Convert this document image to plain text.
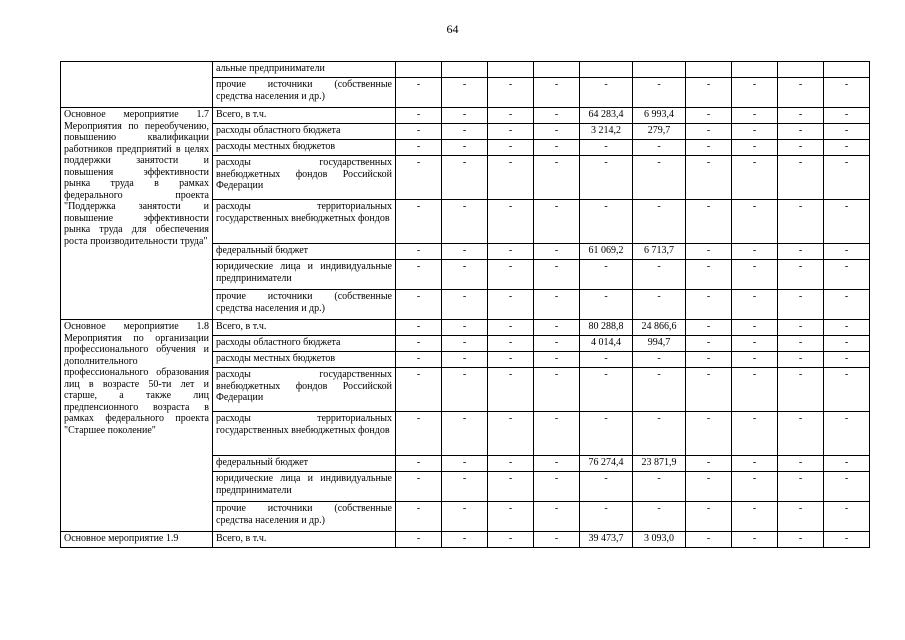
64
	альные предприниматели										
	прочие источники (собственные средства населения и др.)	-	-	-	-	-	-	-	-	-	-
Основное мероприятие 1.7 Мероприятия по переобучению, повышению квалификации работников предприятий в целях поддержки занятости и повышения эффективности рынка труда в рамках федерального проекта "Поддержка занятости и повышение эффективности рынка труда для обеспечения роста производительности труда"	Всего, в т.ч.	-	-	-	-	64 283,4	6 993,4	-	-	-	-
	расходы областного бюджета	-	-	-	-	3 214,2	279,7	-	-	-	-
	расходы местных бюджетов	-	-	-	-	-	-	-	-	-	-
	расходы государственных внебюджетных фондов Российской Федерации	-	-	-	-	-	-	-	-	-	-
	расходы территориальных государственных внебюджетных фондов	-	-	-	-	-	-	-	-	-	-
	федеральный бюджет	-	-	-	-	61 069,2	6 713,7	-	-	-	-
	юридические лица и индивидуальные предприниматели	-	-	-	-	-	-	-	-	-	-
	прочие источники (собственные средства населения и др.)	-	-	-	-	-	-	-	-	-	-
Основное мероприятие 1.8 Мероприятия по организации профессионального обучения и дополнительного профессионального образования лиц в возрасте 50-ти лет и старше, а также лиц предпенсионного возраста в рамках федерального проекта "Старшее поколение"	Всего, в т.ч.	-	-	-	-	80 288,8	24 866,6	-	-	-	-
	расходы областного бюджета	-	-	-	-	4 014,4	994,7	-	-	-	-
	расходы местных бюджетов	-	-	-	-	-	-	-	-	-	-
	расходы государственных внебюджетных фондов Российской Федерации	-	-	-	-	-	-	-	-	-	-
	расходы территориальных государственных внебюджетных фондов	-	-	-	-	-	-	-	-	-	-
	федеральный бюджет	-	-	-	-	76 274,4	23 871,9	-	-	-	-
	юридические лица и индивидуальные предприниматели	-	-	-	-	-	-	-	-	-	-
	прочие источники (собственные средства населения и др.)	-	-	-	-	-	-	-	-	-	-
Основное мероприятие 1.9	Всего, в т.ч.	-	-	-	-	39 473,7	3 093,0	-	-	-	-
